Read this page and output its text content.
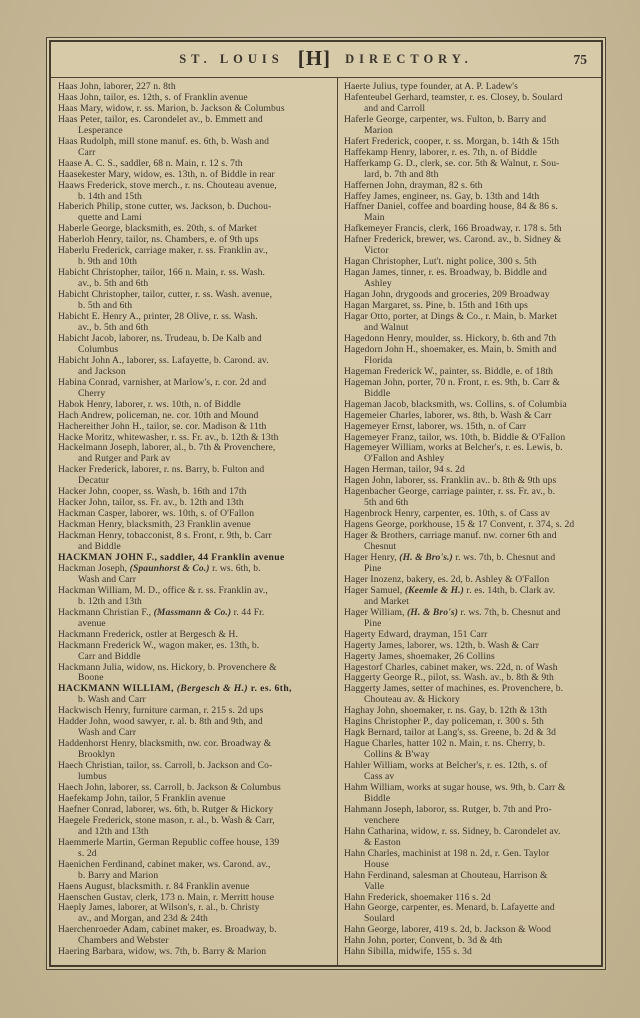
ST. LOUIS [H] DIRECTORY.	75
Haas John, laborer, 227 n. 8th
Haas John, tailor, es. 12th, s. of Franklin avenue
Haas Mary, widow, r. ss. Marion, b. Jackson & Columbus
Haas Peter, tailor, es. Carondelet av., b. Emmett and
Lesperance
Haas Rudolph, mill stone manuf. es. 6th, b. Wash and
Carr
Haase A. C. S., saddler, 68 n. Main, r. 12 s. 7th
Haasekester Mary, widow, es. 13th, n. of Biddle in rear
Haaws Frederick, stove merch., r. ns. Chouteau avenue,
b. 14th and 15th
Haberich Philip, stone cutter, ws. Jackson, b. Duchou-
quette and Lami
Haberle George, blacksmith, es. 20th, s. of Market
Haberloh Henry, tailor, ns. Chambers, e. of 9th ups
Haberlu Frederick, carriage maker, r. ss. Franklin av.,
b. 9th and 10th
Habicht Christopher, tailor, 166 n. Main, r. ss. Wash.
av., b. 5th and 6th
Habicht Christopher, tailor, cutter, r. ss. Wash. avenue,
b. 5th and 6th
Habicht E. Henry A., printer, 28 Olive, r. ss. Wash.
av., b. 5th and 6th
Habicht Jacob, laborer, ns. Trudeau, b. De Kalb and
Columbus
Habicht John A., laborer, ss. Lafayette, b. Carond. av.
and Jackson
Habina Conrad, varnisher, at Marlow's, r. cor. 2d and
Cherry
Habok Henry, laborer, r. ws. 10th, n. of Biddle
Hach Andrew, policeman, ne. cor. 10th and Mound
Hachereither John H., tailor, se. cor. Madison & 11th
Hacke Moritz, whitewasher, r. ss. Fr. av., b. 12th & 13th
Hackelmann Joseph, laborer, al., b. 7th & Provenchere,
and Rutger and Park av
Hacker Frederick, laborer, r. ns. Barry, b. Fulton and
Decatur
Hacker John, cooper, ss. Wash, b. 16th and 17th
Hacker John, tailor, ss. Fr. av., b. 12th and 13th
Hackman Casper, laborer, ws. 10th, s. of O'Fallon
Hackman Henry, blacksmith, 23 Franklin avenue
Hackman Henry, tobacconist, 8 s. Front, r. 9th, b. Carr
and Biddle
HACKMAN JOHN F., saddler, 44 Franklin avenue
Hackman Joseph, (Spaunhorst & Co.) r. ws. 6th, b.
Wash and Carr
Hackman William, M. D., office & r. ss. Franklin av.,
b. 12th and 13th
Hackmann Christian F., (Massmann & Co.) r. 44 Fr.
avenue
Hackmann Frederick, ostler at Bergesch & H.
Hackmann Frederick W., wagon maker, es. 13th, b.
Carr and Biddle
Hackmann Julia, widow, ns. Hickory, b. Provenchere &
Boone
HACKMANN WILLIAM, (Bergesch & H.) r. es. 6th,
b. Wash and Carr
Hackwisch Henry, furniture carman, r. 215 s. 2d ups
Hadder John, wood sawyer, r. al. b. 8th and 9th, and
Wash and Carr
Haddenhorst Henry, blacksmith, nw. cor. Broadway &
Brooklyn
Haech Christian, tailor, ss. Carroll, b. Jackson and Co-
lumbus
Haech John, laborer, ss. Carroll, b. Jackson & Columbus
Haefekamp John, tailor, 5 Franklin avenue
Haefner Conrad, laborer, ws. 6th, b. Rutger & Hickory
Haegele Frederick, stone mason, r. al., b. Wash & Carr,
and 12th and 13th
Haemmerle Martin, German Republic coffee house, 139
s. 2d
Haenichen Ferdinand, cabinet maker, ws. Carond. av.,
b. Barry and Marion
Haens August, blacksmith. r. 84 Franklin avenue
Haenschen Gustav, clerk, 173 n. Main, r. Merritt house
Haeply James, laborer, at Wilson's, r. al., b. Christy
av., and Morgan, and 23d & 24th
Haerchenroeder Adam, cabinet maker, es. Broadway, b.
Chambers and Webster
Haering Barbara, widow, ws. 7th, b. Barry & Marion
Haerte Julius, type founder, at A. P. Ladew's
Hafenteubel Gerhard, teamster, r. es. Closey, b. Soulard
and and Carroll
Haferle George, carpenter, ws. Fulton, b. Barry and
Marion
Hafert Frederick, cooper, r. ss. Morgan, b. 14th & 15th
Haffekamp Henry, laborer, r. es. 7th, n. of Biddle
Hafferkamp G. D., clerk, se. cor. 5th & Walnut, r. Sou-
lard, b. 7th and 8th
Haffernen John, drayman, 82 s. 6th
Haffey James, engineer, ns. Gay, b. 13th and 14th
Haffner Daniel, coffee and boarding house, 84 & 86 s.
Main
Hafkemeyer Francis, clerk, 166 Broadway, r. 178 s. 5th
Hafner Frederick, brewer, ws. Carond. av., b. Sidney &
Victor
Hagan Christopher, Lut't. night police, 300 s. 5th
Hagan James, tinner, r. es. Broadway, b. Biddle and
Ashley
Hagan John, drygoods and groceries, 209 Broadway
Hagan Margaret, ss. Pine, b. 15th and 16th ups
Hagar Otto, porter, at Dings & Co., r. Main, b. Market
and Walnut
Hagedonn Henry, moulder, ss. Hickory, b. 6th and 7th
Hagedorn John H., shoemaker, es. Main, b. Smith and
Florida
Hageman Frederick W., painter, ss. Biddle, e. of 18th
Hageman John, porter, 70 n. Front, r. es. 9th, b. Carr &
Biddle
Hageman Jacob, blacksmith, ws. Collins, s. of Columbia
Hagemeier Charles, laborer, ws. 8th, b. Wash & Carr
Hagemeyer Ernst, laborer, ws. 15th, n. of Carr
Hagemeyer Franz, tailor, ws. 10th, b. Biddle & O'Fallon
Hagemeyer William, works at Belcher's, r. es. Lewis, b.
O'Fallon and Ashley
Hagen Herman, tailor, 94 s. 2d
Hagen John, laborer, ss. Franklin av.. b. 8th & 9th ups
Hagenbacher George, carriage painter, r. ss. Fr. av., b.
5th and 6th
Hagenbrock Henry, carpenter, es. 10th, s. of Cass av
Hagens George, porkhouse, 15 & 17 Convent, r. 374, s. 2d
Hager & Brothers, carriage manuf. nw. corner 6th and
Chesnut
Hager Henry, (H. & Bro's.) r. ws. 7th, b. Chesnut and
Pine
Hager Inozenz, bakery, es. 2d, b. Ashley & O'Fallon
Hager Samuel, (Keemle & H.) r. es. 14th, b. Clark av.
and Market
Hager William, (H. & Bro's) r. ws. 7th, b. Chesnut and
Pine
Hagerty Edward, drayman, 151 Carr
Hagerty James, laborer, ws. 12th, b. Wash & Carr
Hagerty James, shoemaker, 26 Collins
Hagestorf Charles, cabinet maker, ws. 22d, n. of Wash
Haggerty George R., pilot, ss. Wash. av., b. 8th & 9th
Haggerty James, setter of machines, es. Provenchere, b.
Chouteau av. & Hickory
Haghay John, shoemaker, r. ns. Gay, b. 12th & 13th
Hagins Christopher P., day policeman, r. 300 s. 5th
Hagk Bernard, tailor at Lang's, ss. Greene, b. 2d & 3d
Hague Charles, hatter 102 n. Main, r. ns. Cherry, b.
Collins & B'way
Hahler William, works at Belcher's, r. es. 12th, s. of
Cass av
Hahm William, works at sugar house, ws. 9th, b. Carr &
Biddle
Hahmann Joseph, laboror, ss. Rutger, b. 7th and Pro-
venchere
Hahn Catharina, widow, r. ss. Sidney, b. Carondelet av.
& Easton
Hahn Charles, machinist at 198 n. 2d, r. Gen. Taylor
House
Hahn Ferdinand, salesman at Chouteau, Harrison &
Valle
Hahn Frederick, shoemaker 116 s. 2d
Hahn George, carpenter, es. Menard, b. Lafayette and
Soulard
Hahn George, laborer, 419 s. 2d, b. Jackson & Wood
Hahn John, porter, Convent, b. 3d & 4th
Hahn Sibilla, midwife, 155 s. 3d
